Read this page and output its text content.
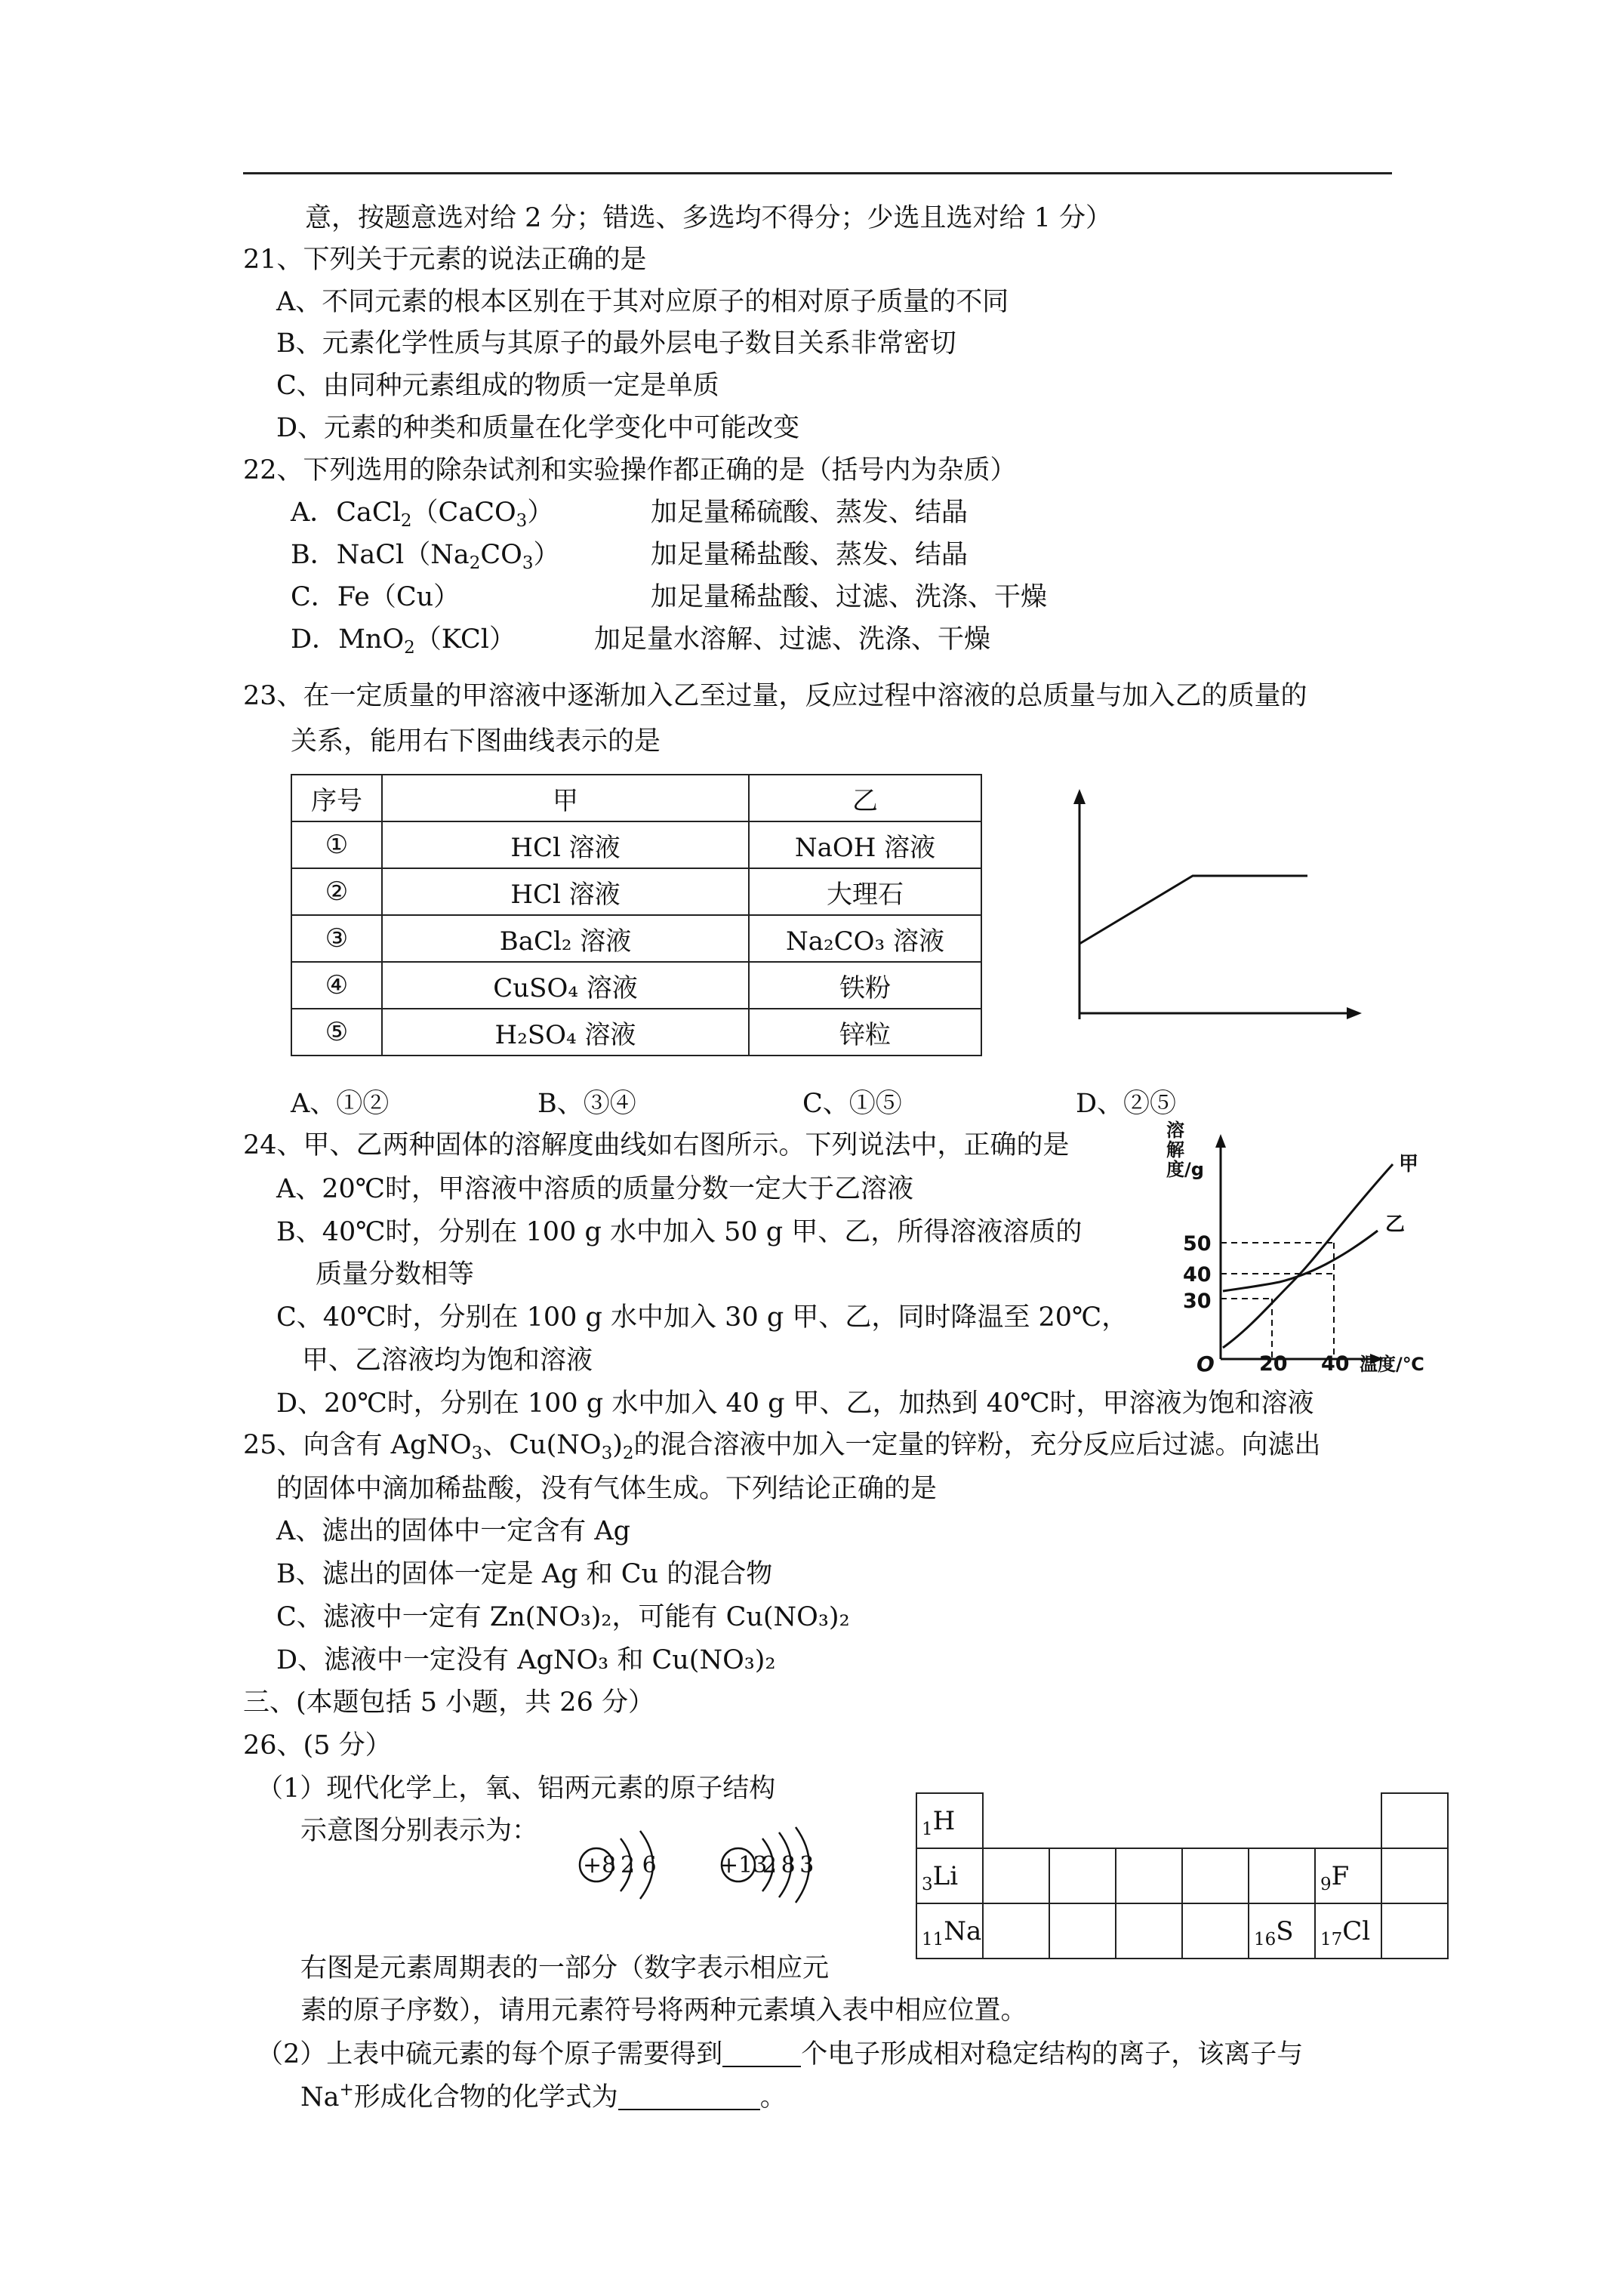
意，按题意选对给 2 分；错选、多选均不得分；少选且选对给 1 分）
21、下列关于元素的说法正确的是
A、不同元素的根本区别在于其对应原子的相对原子质量的不同
B、元素化学性质与其原子的最外层电子数目关系非常密切
C、由同种元素组成的物质一定是单质
D、元素的种类和质量在化学变化中可能改变
22、下列选用的除杂试剂和实验操作都正确的是（括号内为杂质）
A．CaCl$_2$（CaCO$_3$）	加足量稀硫酸、蒸发、结晶
B．$NaCl(Na_2CO_3)$	加足量稀盐酸、蒸发、结晶
C．Fe（Cu）	加足量稀盐酸、过滤、洗涤、干燥
D．MnO$_2$（KCl）	加足量水溶解、过滤、洗涤、干燥
23、在一定质量的甲溶液中逐渐加入乙至过量，反应过程中溶液的总质量与加入乙的质量的
关系，能用右下图曲线表示的是
序号	甲	乙
①	HCl 溶液	NaOH 溶液
②	HCl 溶液	大理石
③	BaCl₂ 溶液	Na₂CO₃ 溶液
④	CuSO₄ 溶液	铁粉
⑤	H₂SO₄ 溶液	锌粒
A、①②	B、③④	C、①⑤	D、②⑤
24、甲、乙两种固体的溶解度曲线如右图所示。下列说法中，正确的是
A、20℃时，甲溶液中溶质的质量分数一定大于乙溶液
B、40℃时，分别在 100 g 水中加入 50 g 甲、乙，所得溶液溶质的
质量分数相等
C、40℃时，分别在 100 g 水中加入 30 g 甲、乙，同时降温至 20℃，
甲、乙溶液均为饱和溶液
D、20℃时，分别在 100 g 水中加入 40 g 甲、乙，加热到 40℃时，甲溶液为饱和溶液
溶解度/g	甲
乙
50
40
30
O 20 40 温度/℃
25、向含有 AgNO$_3$、$Cu(NO_3)_2$的混合溶液中加入一定量的锌粉，充分反应后过滤。向滤出
的固体中滴加稀盐酸，没有气体生成。下列结论正确的是
A、滤出的固体中一定含有 Ag
B、滤出的固体一定是 Ag 和 Cu 的混合物
C、滤液中一定有 Zn(NO₃)₂，可能有 Cu(NO₃)₂
D、滤液中一定没有 AgNO₃ 和 Cu(NO₃)₂
三、(本题包括 5 小题，共 26 分）
26、(5 分）
（1）现代化学上，氧、铝两元素的原子结构
示意图分别表示为：
+8 2 6	+13
2 8 3
右图是元素周期表的一部分（数字表示相应元
素的原子序数），请用元素符号将两种元素填入表中相应位置。
$_1$H							
$_3$Li						$_9$F	
$_{11}$Na					$_{16}$S	$_{17}$Cl	
（2）上表中硫元素的每个原子需要得到	个电子形成相对稳定结构的离子，该离子与
Na+形成化合物的化学式为	。
